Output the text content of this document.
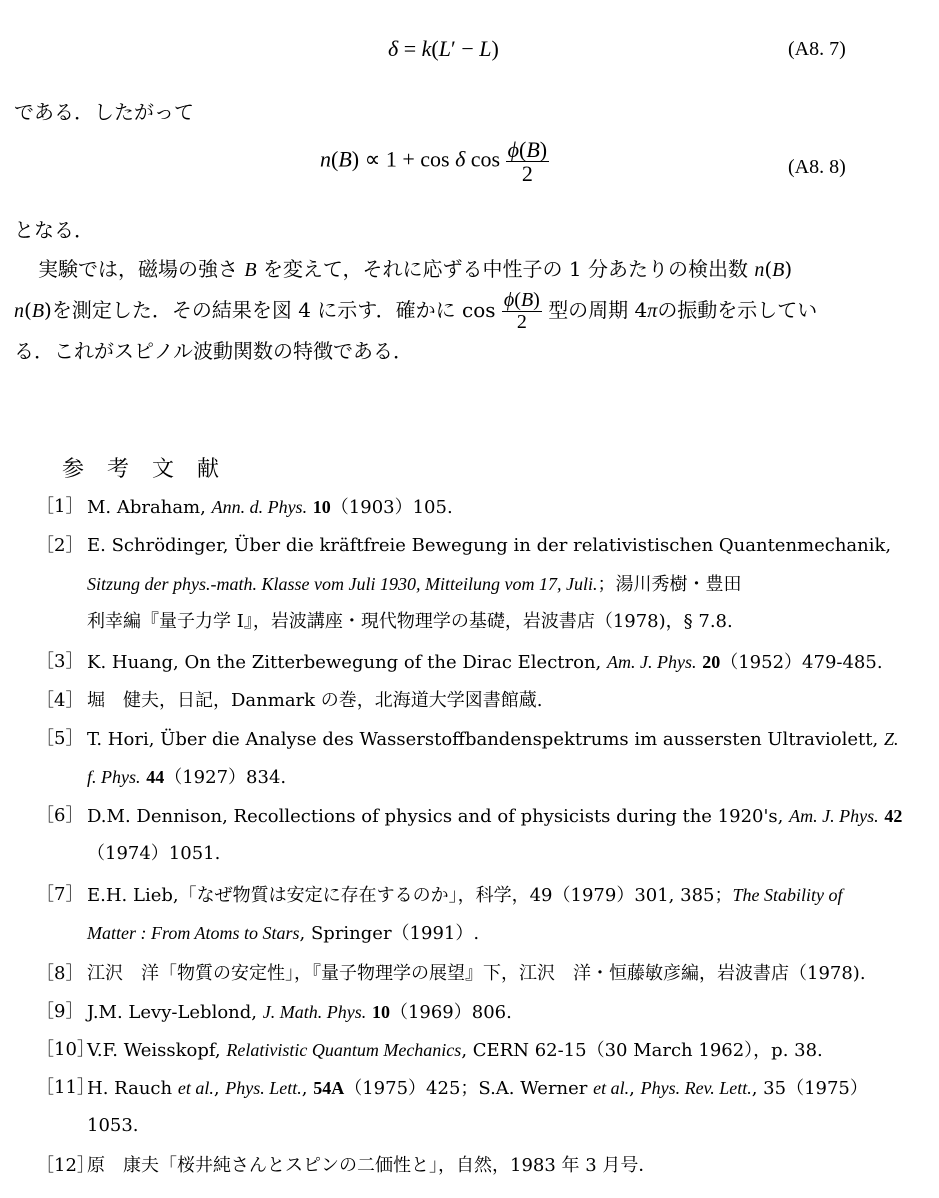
δ = k(L′ − L)	(A8. 7)
である．したがって
n(B) ∝ 1 + cos δ $\cos \frac{\phi(B)}{2}$	(A8. 8)
となる．
実験では，磁場の強さ B を変えて，それに応ずる中性子の 1 分あたりの検出数 n(B)
n(B)を測定した．その結果を図 4 に示す．確かに $\cos \frac{\phi(B)}{2}$ 型の周期 4πの振動を示してい
る．これがスピノル波動関数の特徴である．
参 考 文 献
［1］ M. Abraham, Ann. d. Phys. 10（1903）105.
［2］ E. Schrödinger, Über die kräftfreie Bewegung in der relativistischen Quantenmechanik,
Sitzung der phys.-math. Klasse vom Juli 1930, Mitteilung vom 17, Juli.；湯川秀樹・豊田
利幸編『量子力学 I』，岩波講座・現代物理学の基礎，岩波書店（1978)，§ 7.8.
［3］ K. Huang, On the Zitterbewegung of the Dirac Electron, Am. J. Phys. 20（1952）479-485.
［4］ 堀　健夫，日記，Danmark の巻，北海道大学図書館蔵.
［5］ T. Hori, Über die Analyse des Wasserstoffbandenspektrums im aussersten Ultraviolett, Z.
f. Phys. 44（1927）834.
［6］ D.M. Dennison, Recollections of physics and of physicists during the 1920's, Am. J. Phys. 42
（1974）1051.
［7］ E.H. Lieb,「なぜ物質は安定に存在するのか」，科学，49（1979）301, 385；The Stability of
Matter : From Atoms to Stars, Springer（1991）.
［8］ 江沢　洋「物質の安定性」，『量子物理学の展望』下，江沢　洋・恒藤敏彦編，岩波書店（1978).
［9］ J.M. Levy-Leblond, J. Math. Phys. 10（1969）806.
［10］
V.F. Weisskopf, Relativistic Quantum Mechanics, CERN 62-15（30 March 1962），p. 38.
［11］
H. Rauch et al., Phys. Lett., 54A（1975）425；S.A. Werner et al., Phys. Rev. Lett., 35（1975）
1053.
［12］
原　康夫「桜井純さんとスピンの二価性と」，自然，1983 年 3 月号．
